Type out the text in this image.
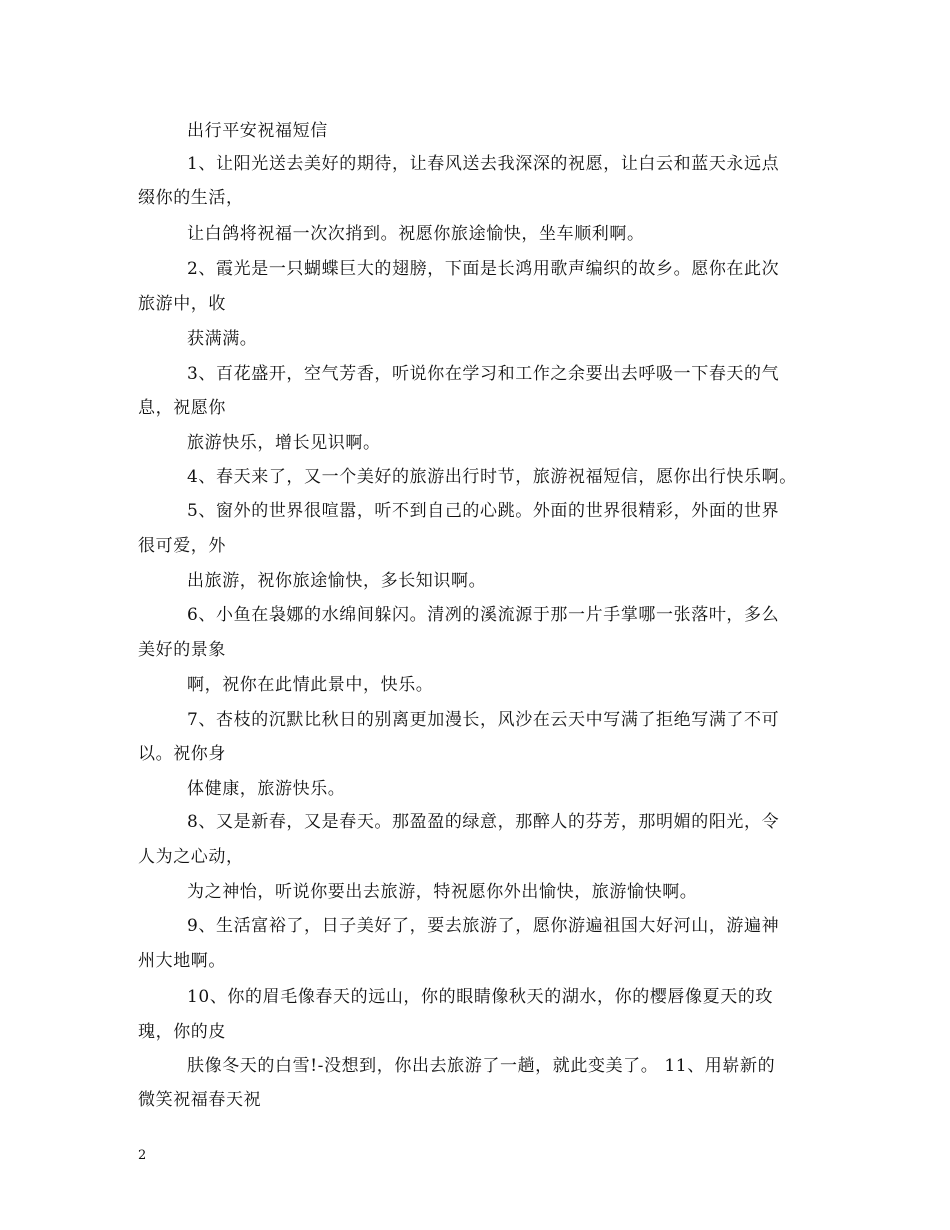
出行平安祝福短信
1、让阳光送去美好的期待，让春风送去我深深的祝愿，让白云和蓝天永远点
缀你的生活，
让白鸽将祝福一次次捎到。祝愿你旅途愉快，坐车顺利啊。
2、霞光是一只蝴蝶巨大的翅膀，下面是长鸿用歌声编织的故乡。愿你在此次
旅游中，收
获满满。
3、百花盛开，空气芳香，听说你在学习和工作之余要出去呼吸一下春天的气
息，祝愿你
旅游快乐，增长见识啊。
4、春天来了，又一个美好的旅游出行时节，旅游祝福短信，愿你出行快乐啊。
5、窗外的世界很喧嚣，听不到自己的心跳。外面的世界很精彩，外面的世界
很可爱，外
出旅游，祝你旅途愉快，多长知识啊。
6、小鱼在袅娜的水绵间躲闪。清冽的溪流源于那一片手掌哪一张落叶，多么
美好的景象
啊，祝你在此情此景中，快乐。
7、杏枝的沉默比秋日的别离更加漫长，风沙在云天中写满了拒绝写满了不可
以。祝你身
体健康，旅游快乐。
8、又是新春，又是春天。那盈盈的绿意，那醉人的芬芳，那明媚的阳光，令
人为之心动，
为之神怡，听说你要出去旅游，特祝愿你外出愉快，旅游愉快啊。
9、生活富裕了，日子美好了，要去旅游了，愿你游遍祖国大好河山，游遍神
州大地啊。
10、你的眉毛像春天的远山，你的眼睛像秋天的湖水，你的樱唇像夏天的玫
瑰，你的皮
肤像冬天的白雪!-没想到，你出去旅游了一趟，就此变美了。 11、用崭新的
微笑祝福春天祝
2
